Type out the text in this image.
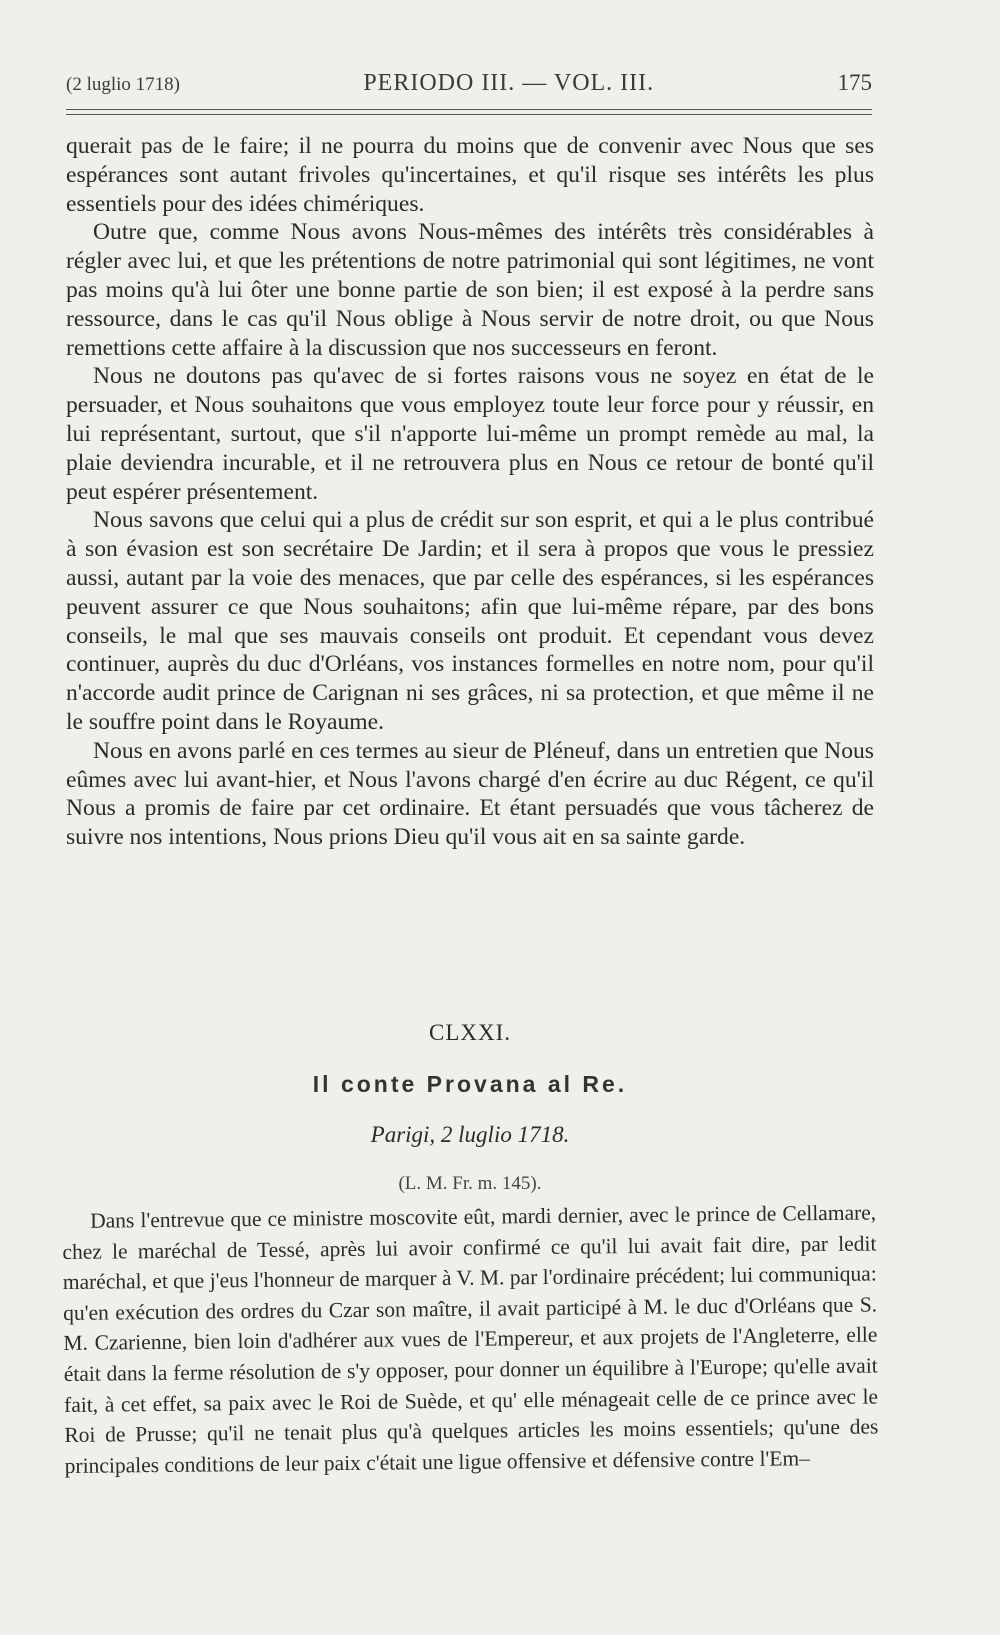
(2 luglio 1718)	PERIODO III. — VOL. III.	175

querait pas de le faire; il ne pourra du moins que de convenir avec Nous que ses espérances sont autant frivoles qu'incertaines, et qu'il risque ses intérêts les plus essentiels pour des idées chimériques.

Outre que, comme Nous avons Nous-mêmes des intérêts très considérables à régler avec lui, et que les prétentions de notre patrimonial qui sont légitimes, ne vont pas moins qu'à lui ôter une bonne partie de son bien; il est exposé à la perdre sans ressource, dans le cas qu'il Nous oblige à Nous servir de notre droit, ou que Nous remettions cette affaire à la discussion que nos successeurs en feront.

Nous ne doutons pas qu'avec de si fortes raisons vous ne soyez en état de le persuader, et Nous souhaitons que vous employez toute leur force pour y réussir, en lui représentant, surtout, que s'il n'apporte lui-même un prompt remède au mal, la plaie deviendra incurable, et il ne retrouvera plus en Nous ce retour de bonté qu'il peut espérer présentement.

Nous savons que celui qui a plus de crédit sur son esprit, et qui a le plus contribué à son évasion est son secrétaire De Jardin; et il sera à propos que vous le pressiez aussi, autant par la voie des menaces, que par celle des espérances, si les espérances peuvent assurer ce que Nous souhaitons; afin que lui-même répare, par des bons conseils, le mal que ses mauvais conseils ont produit. Et cependant vous devez continuer, auprès du duc d'Orléans, vos instances formelles en notre nom, pour qu'il n'accorde audit prince de Carignan ni ses grâces, ni sa protection, et que même il ne le souffre point dans le Royaume.

Nous en avons parlé en ces termes au sieur de Pléneuf, dans un entretien que Nous eûmes avec lui avant-hier, et Nous l'avons chargé d'en écrire au duc Régent, ce qu'il Nous a promis de faire par cet ordinaire. Et étant persuadés que vous tâcherez de suivre nos intentions, Nous prions Dieu qu'il vous ait en sa sainte garde.

CLXXI.
Il conte Provana al Re.
Parigi, 2 luglio 1718.
(L. M. Fr. m. 145).

Dans l'entrevue que ce ministre moscovite eût, mardi dernier, avec le prince de Cellamare, chez le maréchal de Tessé, après lui avoir confirmé ce qu'il lui avait fait dire, par ledit maréchal, et que j'eus l'honneur de marquer à V. M. par l'ordinaire précédent; lui communiqua: qu'en exécution des ordres du Czar son maître, il avait participé à M. le duc d'Orléans que S. M. Czarienne, bien loin d'adhérer aux vues de l'Empereur, et aux projets de l'Angleterre, elle était dans la ferme résolution de s'y opposer, pour donner un équilibre à l'Europe; qu'elle avait fait, à cet effet, sa paix avec le Roi de Suède, et qu' elle ménageait celle de ce prince avec le Roi de Prusse; qu'il ne tenait plus qu'à quelques articles les moins essentiels; qu'une des principales conditions de leur paix c'était une ligue offensive et défensive contre l'Em–
